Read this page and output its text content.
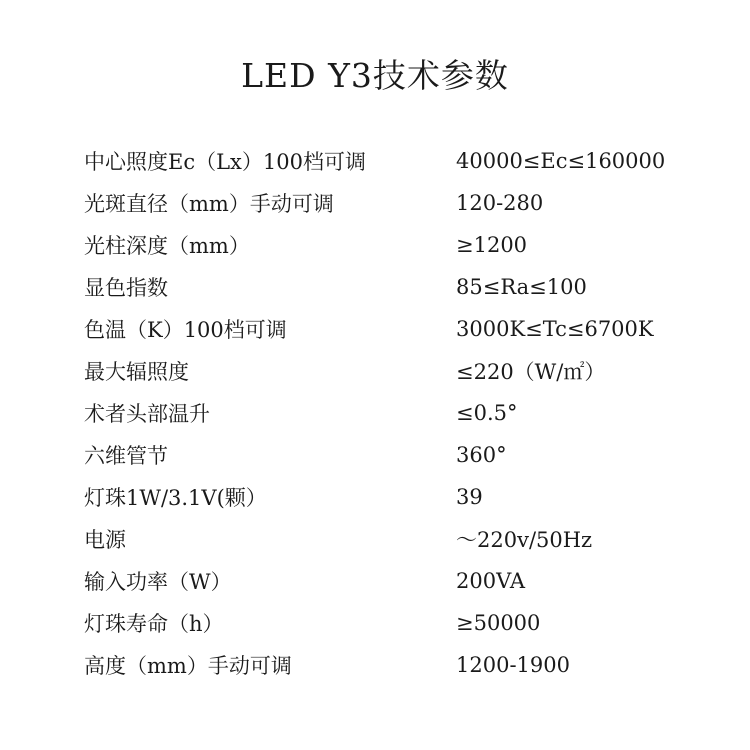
LED Y3技术参数
中心照度Ec（Lx）100档可调	40000≤Ec≤160000
光斑直径（mm）手动可调	120-280
光柱深度（mm）	≥1200
显色指数	85≤Ra≤100
色温（K）100档可调	3000K≤Tc≤6700K
最大辐照度	≤220（W/㎡）
术者头部温升	≤0.5°
六维管节	360°
灯珠1W/3.1V(颗）	39
电源	～220v/50Hz
输入功率（W）	200VA
灯珠寿命（h）	≥50000
高度（mm）手动可调	1200-1900
